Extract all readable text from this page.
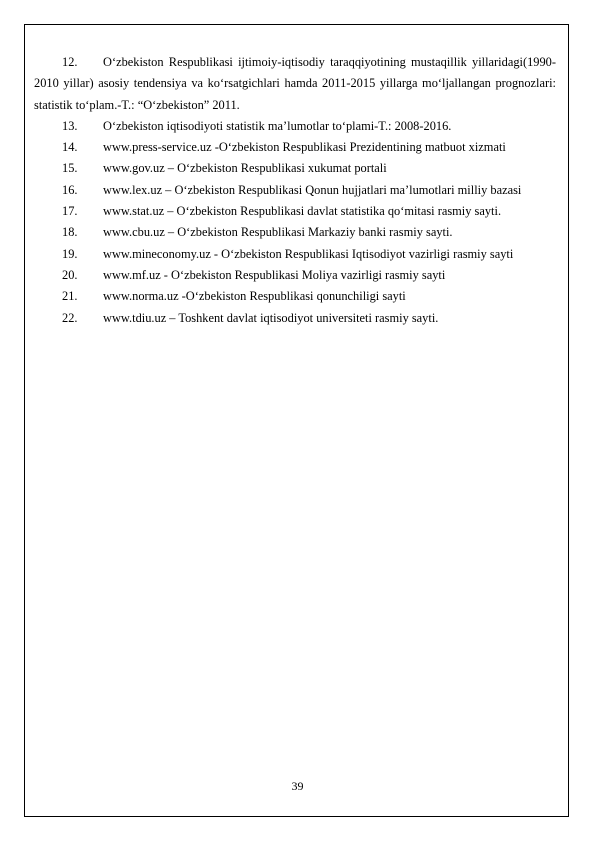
12. O‘zbekiston Respublikasi ijtimoiy-iqtisodiy taraqqiyotining mustaqillik yillaridagi(1990-2010 yillar) asosiy tendensiya va ko‘rsatgichlari hamda 2011-2015 yillarga mo‘ljallangan prognozlari: statistik to‘plam.-T.: “O‘zbekiston” 2011.
13. O‘zbekiston iqtisodiyoti statistik ma’lumotlar to‘plami-T.: 2008-2016.
14. www.press-service.uz -O‘zbekiston Respublikasi Prezidentining matbuot xizmati
15. www.gov.uz – O‘zbekiston Respublikasi xukumat portali
16. www.lex.uz – O‘zbekiston Respublikasi Qonun hujjatlari ma’lumotlari milliy bazasi
17. www.stat.uz – O‘zbekiston Respublikasi davlat statistika qo‘mitasi rasmiy sayti.
18. www.cbu.uz – O‘zbekiston Respublikasi Markaziy banki rasmiy sayti.
19. www.mineconomy.uz - O‘zbekiston Respublikasi Iqtisodiyot vazirligi rasmiy sayti
20. www.mf.uz - O‘zbekiston Respublikasi Moliya vazirligi rasmiy sayti
21. www.norma.uz -O‘zbekiston Respublikasi qonunchiligi sayti
22. www.tdiu.uz – Toshkent davlat iqtisodiyot universiteti rasmiy sayti.
39
